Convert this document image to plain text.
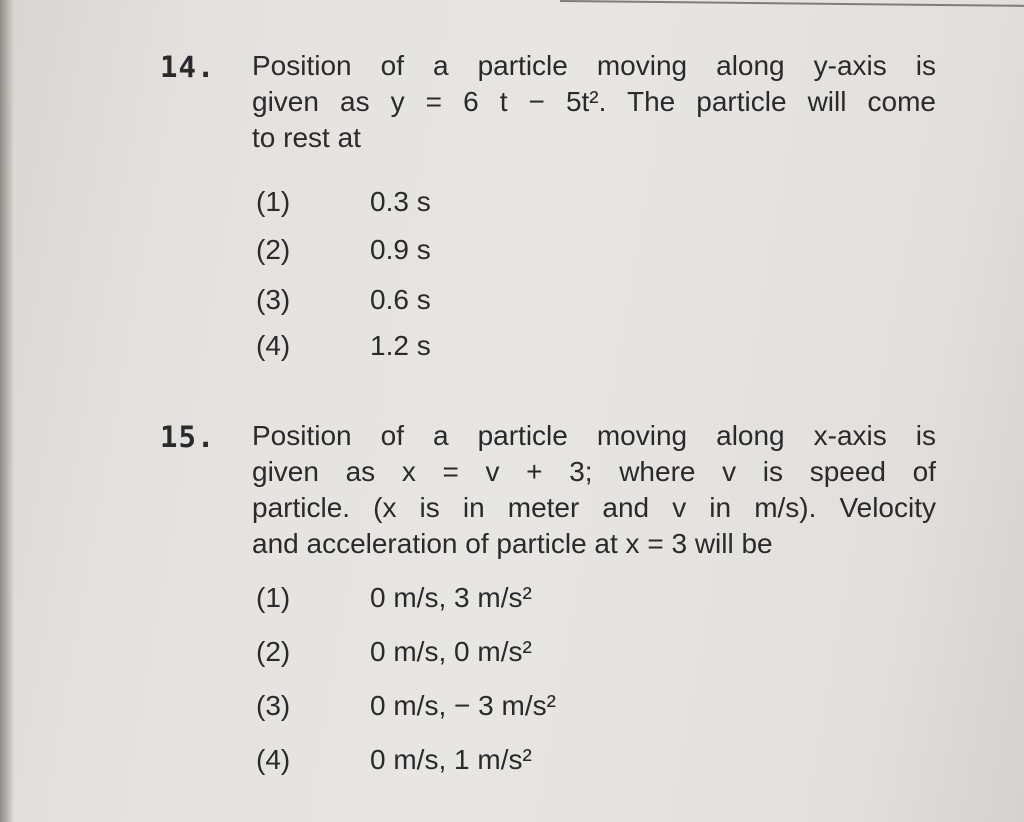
14. Position of a particle moving along y-axis is
given as y = 6 t − 5t². The particle will come
to rest at
(1)	0.3 s
(2)	0.9 s
(3)	0.6 s
(4)	1.2 s
15. Position of a particle moving along x-axis is
given as x = v + 3; where v is speed of
particle. (x is in meter and v in m/s). Velocity
and acceleration of particle at x = 3 will be
(1)	0 m/s, 3 m/s²
(2)	0 m/s, 0 m/s²
(3)	0 m/s, − 3 m/s²
(4)	0 m/s, 1 m/s²
